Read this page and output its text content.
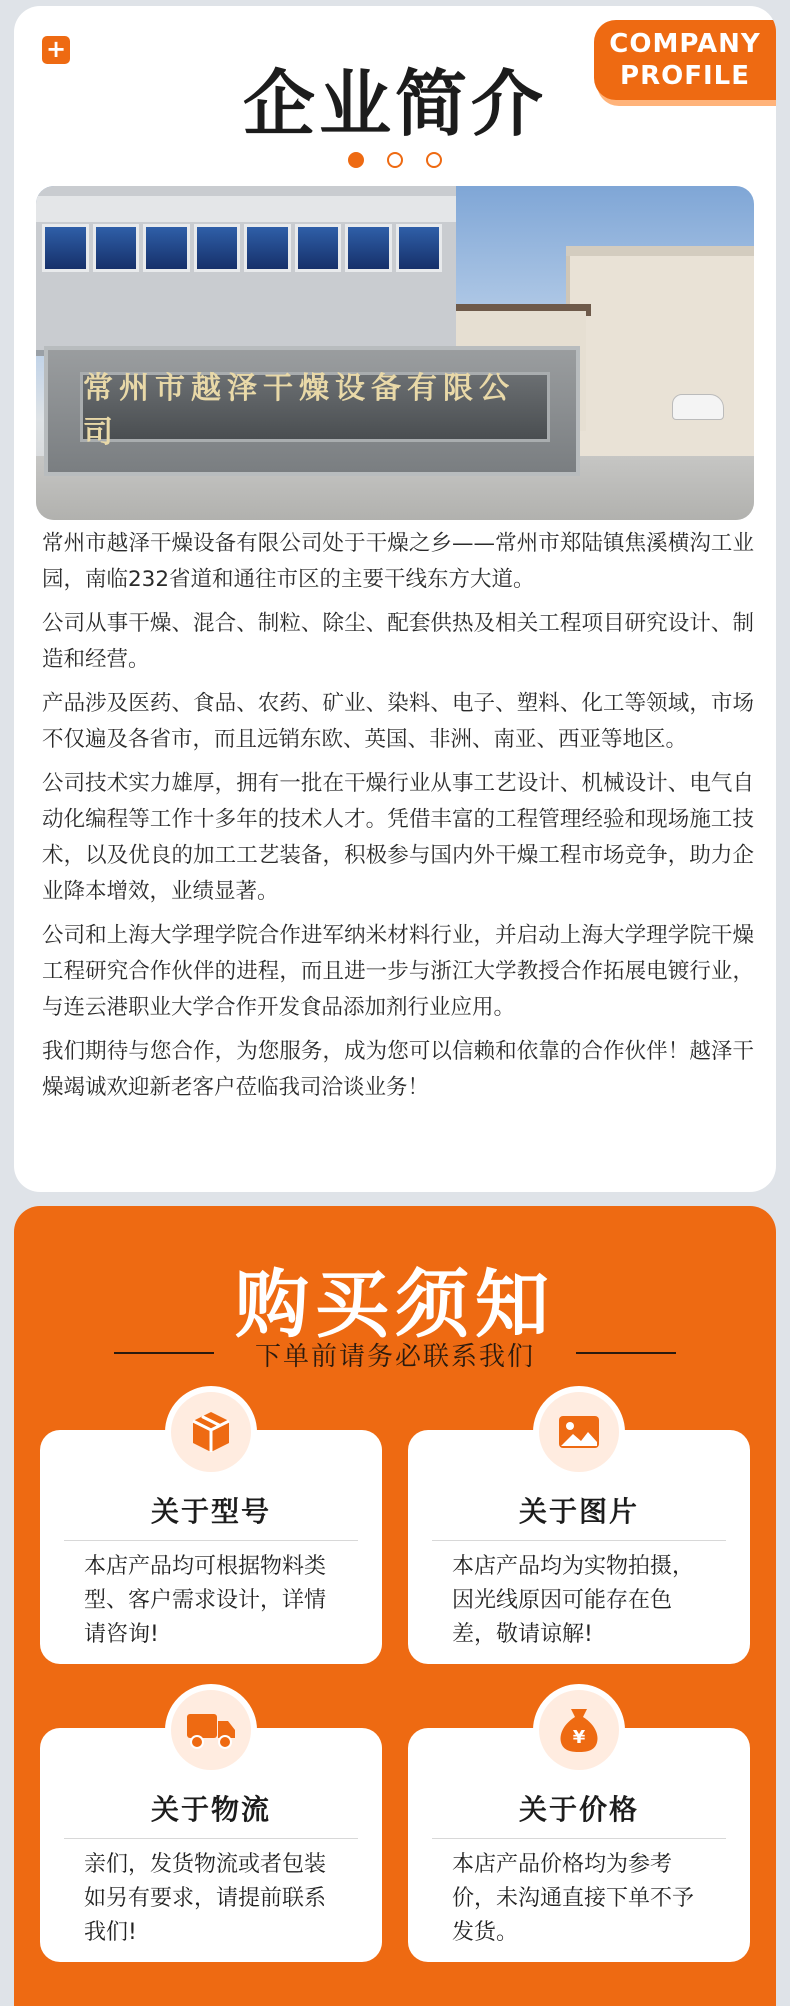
+	COMPANY
PROFILE
企业简介

常州市越泽干燥设备有限公司

常州市越泽干燥设备有限公司处于干燥之乡——常州市郑陆镇焦溪横沟工业园，南临232省道和通往市区的主要干线东方大道。

公司从事干燥、混合、制粒、除尘、配套供热及相关工程项目研究设计、制造和经营。

产品涉及医药、食品、农药、矿业、染料、电子、塑料、化工等领域，市场不仅遍及各省市，而且远销东欧、英国、非洲、南亚、西亚等地区。

公司技术实力雄厚，拥有一批在干燥行业从事工艺设计、机械设计、电气自动化编程等工作十多年的技术人才。凭借丰富的工程管理经验和现场施工技术，以及优良的加工工艺装备，积极参与国内外干燥工程市场竞争，助力企业降本增效，业绩显著。

公司和上海大学理学院合作进军纳米材料行业，并启动上海大学理学院干燥工程研究合作伙伴的进程，而且进一步与浙江大学教授合作拓展电镀行业，与连云港职业大学合作开发食品添加剂行业应用。

我们期待与您合作，为您服务，成为您可以信赖和依靠的合作伙伴！越泽干燥竭诚欢迎新老客户莅临我司洽谈业务！

购买须知
下单前请务必联系我们
关于型号
本店产品均可根据物料类型、客户需求设计，详情请咨询!
关于图片
本店产品均为实物拍摄，因光线原因可能存在色差，敬请谅解!
关于物流
亲们，发货物流或者包装如另有要求，请提前联系我们!
¥
关于价格
本店产品价格均为参考价，未沟通直接下单不予发货。
